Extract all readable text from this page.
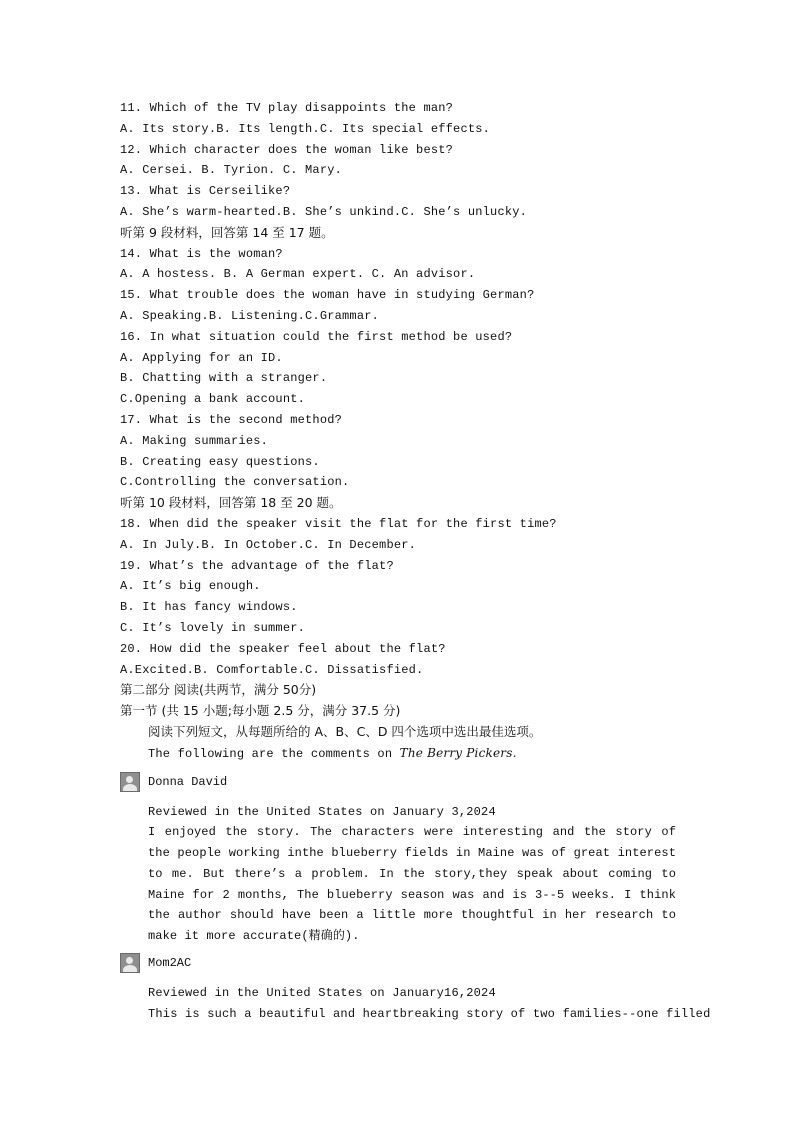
11. Which of the TV play disappoints the man?
A. Its story.B. Its length.C. Its special effects.
12. Which character does the woman like best?
A. Cersei. B. Tyrion. C. Mary.
13. What is Cerseilike?
A. She’s warm-hearted.B. She’s unkind.C. She’s unlucky.
听第 9 段材料，回答第 14 至 17 题。
14. What is the woman?
A. A hostess. B. A German expert. C. An advisor.
15. What trouble does the woman have in studying German?
A. Speaking.B. Listening.C.Grammar.
16. In what situation could the first method be used?
A. Applying for an ID.
B. Chatting with a stranger.
C.Opening a bank account.
17. What is the second method?
A. Making summaries.
B. Creating easy questions.
C.Controlling the conversation.
听第 10 段材料，回答第 18 至 20 题。
18. When did the speaker visit the flat for the first time?
A. In July.B. In October.C. In December.
19. What’s the advantage of the flat?
A. It’s big enough.
B. It has fancy windows.
C. It’s lovely in summer.
20. How did the speaker feel about the flat?
A.Excited.B. Comfortable.C. Dissatisfied.
第二部分 阅读(共两节，满分 50分)
第一节 (共 15 小题;每小题 2.5 分，满分 37.5 分)
阅读下列短文，从每题所给的 A、B、C、D 四个选项中选出最佳选项。
The following are the comments on The Berry Pickers.
Donna David
Reviewed in the United States on January 3,2024
I enjoyed the story. The characters were interesting and the story of the people working inthe blueberry fields in Maine was of great interest to me. But there’s a problem. In the story,they speak about coming to Maine for 2 months, The blueberry season was and is 3--5 weeks. I think the author should have been a little more thoughtful in her research to make it more accurate(精确的).
Mom2AC
Reviewed in the United States on January16,2024
This is such a beautiful and heartbreaking story of two families--one filled
